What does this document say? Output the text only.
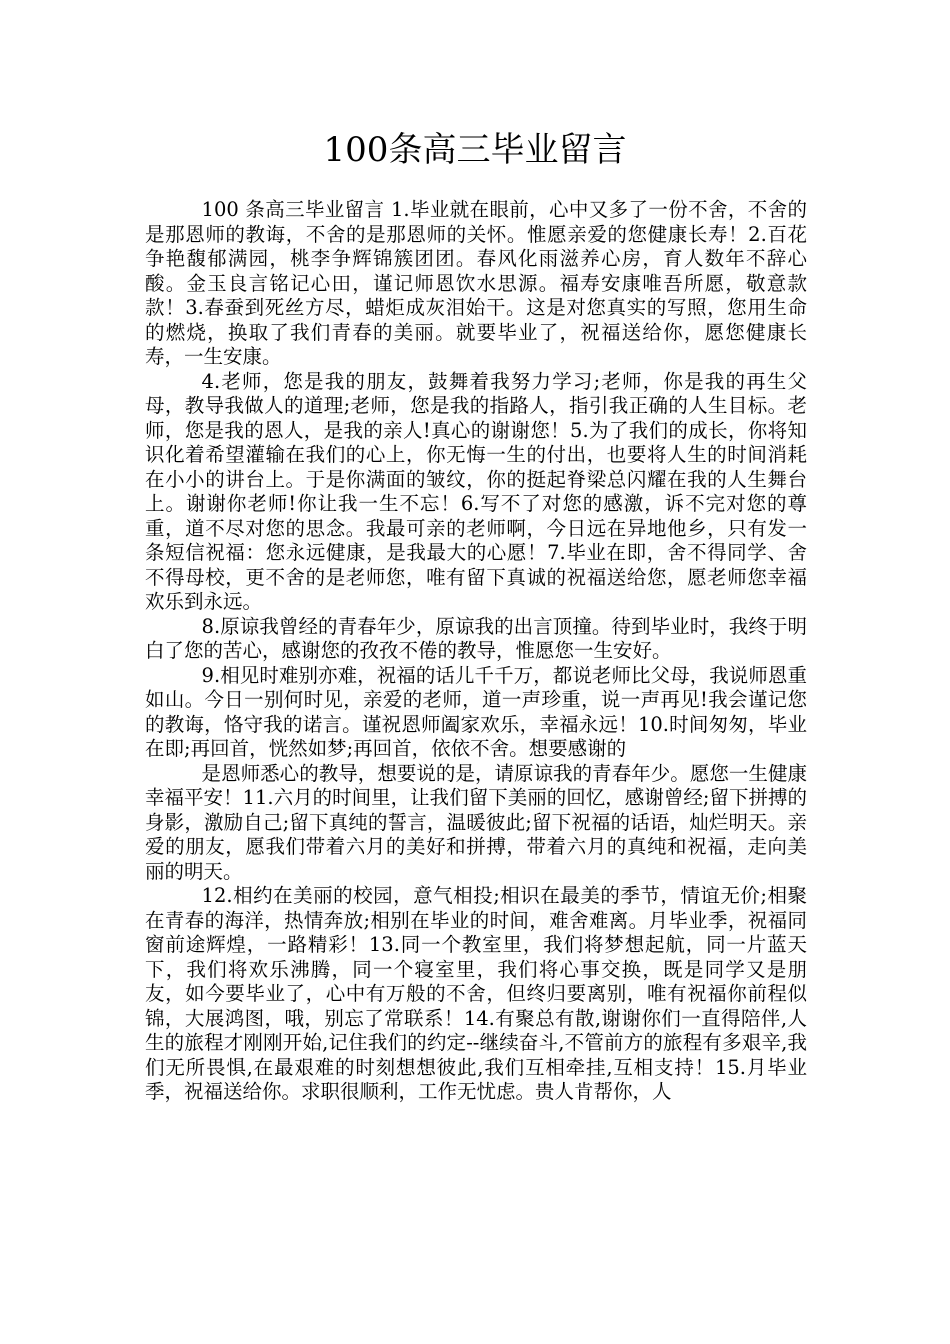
100条高三毕业留言

100 条高三毕业留言 1.毕业就在眼前，心中又多了一份不舍，不舍的是那恩师的教诲，不舍的是那恩师的关怀。惟愿亲爱的您健康长寿！2.百花争艳馥郁满园，桃李争辉锦簇团团。春风化雨滋养心房，育人数年不辞心酸。金玉良言铭记心田，谨记师恩饮水思源。福寿安康唯吾所愿，敬意款款！3.春蚕到死丝方尽，蜡炬成灰泪始干。这是对您真实的写照，您用生命的燃烧，换取了我们青春的美丽。就要毕业了，祝福送给你，愿您健康长寿，一生安康。

4.老师，您是我的朋友，鼓舞着我努力学习;老师，你是我的再生父母，教导我做人的道理;老师，您是我的指路人，指引我正确的人生目标。老师，您是我的恩人，是我的亲人!真心的谢谢您！5.为了我们的成长，你将知识化着希望灌输在我们的心上，你无悔一生的付出，也要将人生的时间消耗在小小的讲台上。于是你满面的皱纹，你的挺起脊梁总闪耀在我的人生舞台上。谢谢你老师!你让我一生不忘！6.写不了对您的感激，诉不完对您的尊重，道不尽对您的思念。我最可亲的老师啊，今日远在异地他乡，只有发一条短信祝福：您永远健康，是我最大的心愿！7.毕业在即，舍不得同学、舍不得母校，更不舍的是老师您，唯有留下真诚的祝福送给您，愿老师您幸福欢乐到永远。

8.原谅我曾经的青春年少，原谅我的出言顶撞。待到毕业时，我终于明白了您的苦心，感谢您的孜孜不倦的教导，惟愿您一生安好。

9.相见时难别亦难，祝福的话儿千千万，都说老师比父母，我说师恩重如山。今日一别何时见，亲爱的老师，道一声珍重，说一声再见!我会谨记您的教诲，恪守我的诺言。谨祝恩师阖家欢乐，幸福永远！10.时间匆匆，毕业在即;再回首，恍然如梦;再回首，依依不舍。想要感谢的

是恩师悉心的教导，想要说的是，请原谅我的青春年少。愿您一生健康幸福平安！11.六月的时间里，让我们留下美丽的回忆，感谢曾经;留下拼搏的身影，激励自己;留下真纯的誓言，温暖彼此;留下祝福的话语，灿烂明天。亲爱的朋友，愿我们带着六月的美好和拼搏，带着六月的真纯和祝福，走向美丽的明天。

12.相约在美丽的校园，意气相投;相识在最美的季节，情谊无价;相聚在青春的海洋，热情奔放;相别在毕业的时间，难舍难离。月毕业季，祝福同窗前途辉煌，一路精彩！13.同一个教室里，我们将梦想起航，同一片蓝天下，我们将欢乐沸腾，同一个寝室里，我们将心事交换，既是同学又是朋友，如今要毕业了，心中有万般的不舍，但终归要离别，唯有祝福你前程似锦，大展鸿图，哦，别忘了常联系！14.有聚总有散,谢谢你们一直得陪伴,人生的旅程才刚刚开始,记住我们的约定--继续奋斗,不管前方的旅程有多艰辛,我们无所畏惧,在最艰难的时刻想想彼此,我们互相牵挂,互相支持！15.月毕业季，祝福送给你。求职很顺利，工作无忧虑。贵人肯帮你，人
